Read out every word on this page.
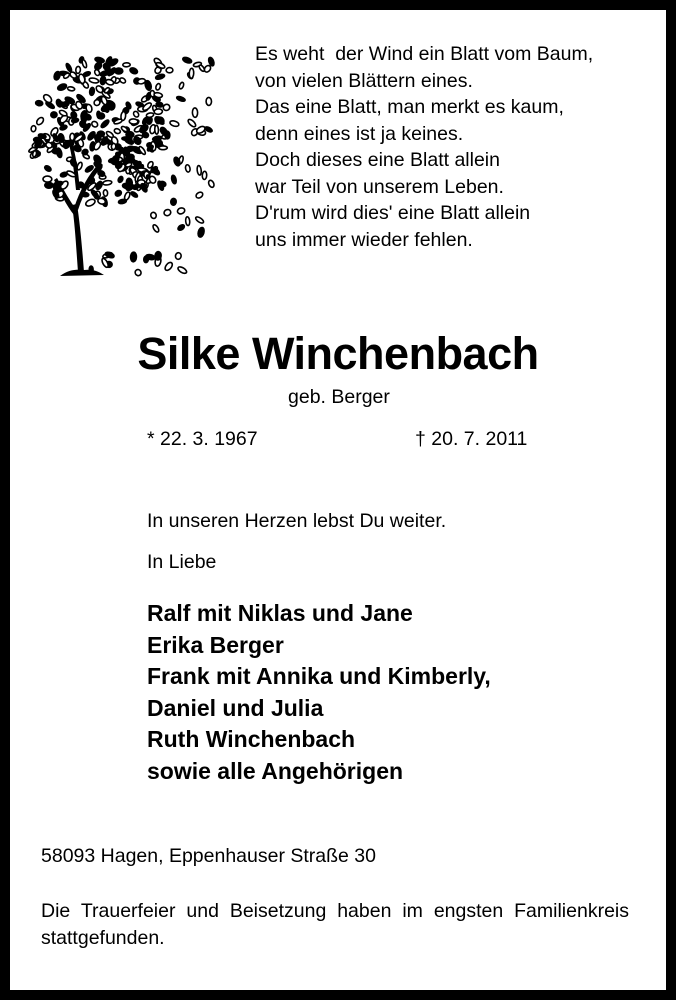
Es weht  der Wind ein Blatt vom Baum,
von vielen Blättern eines.
Das eine Blatt, man merkt es kaum,
denn eines ist ja keines.
Doch dieses eine Blatt allein
war Teil von unserem Leben.
D'rum wird dies' eine Blatt allein
uns immer wieder fehlen.
Silke Winchenbach
geb. Berger
* 22. 3. 1967	† 20. 7. 2011
In unseren Herzen lebst Du weiter.
In Liebe
Ralf mit Niklas und Jane
Erika Berger
Frank mit Annika und Kimberly,
Daniel und Julia
Ruth Winchenbach
sowie alle Angehörigen
58093 Hagen, Eppenhauser Straße 30
Die Trauerfeier und Beisetzung haben im engsten Familienkreis stattgefunden.
